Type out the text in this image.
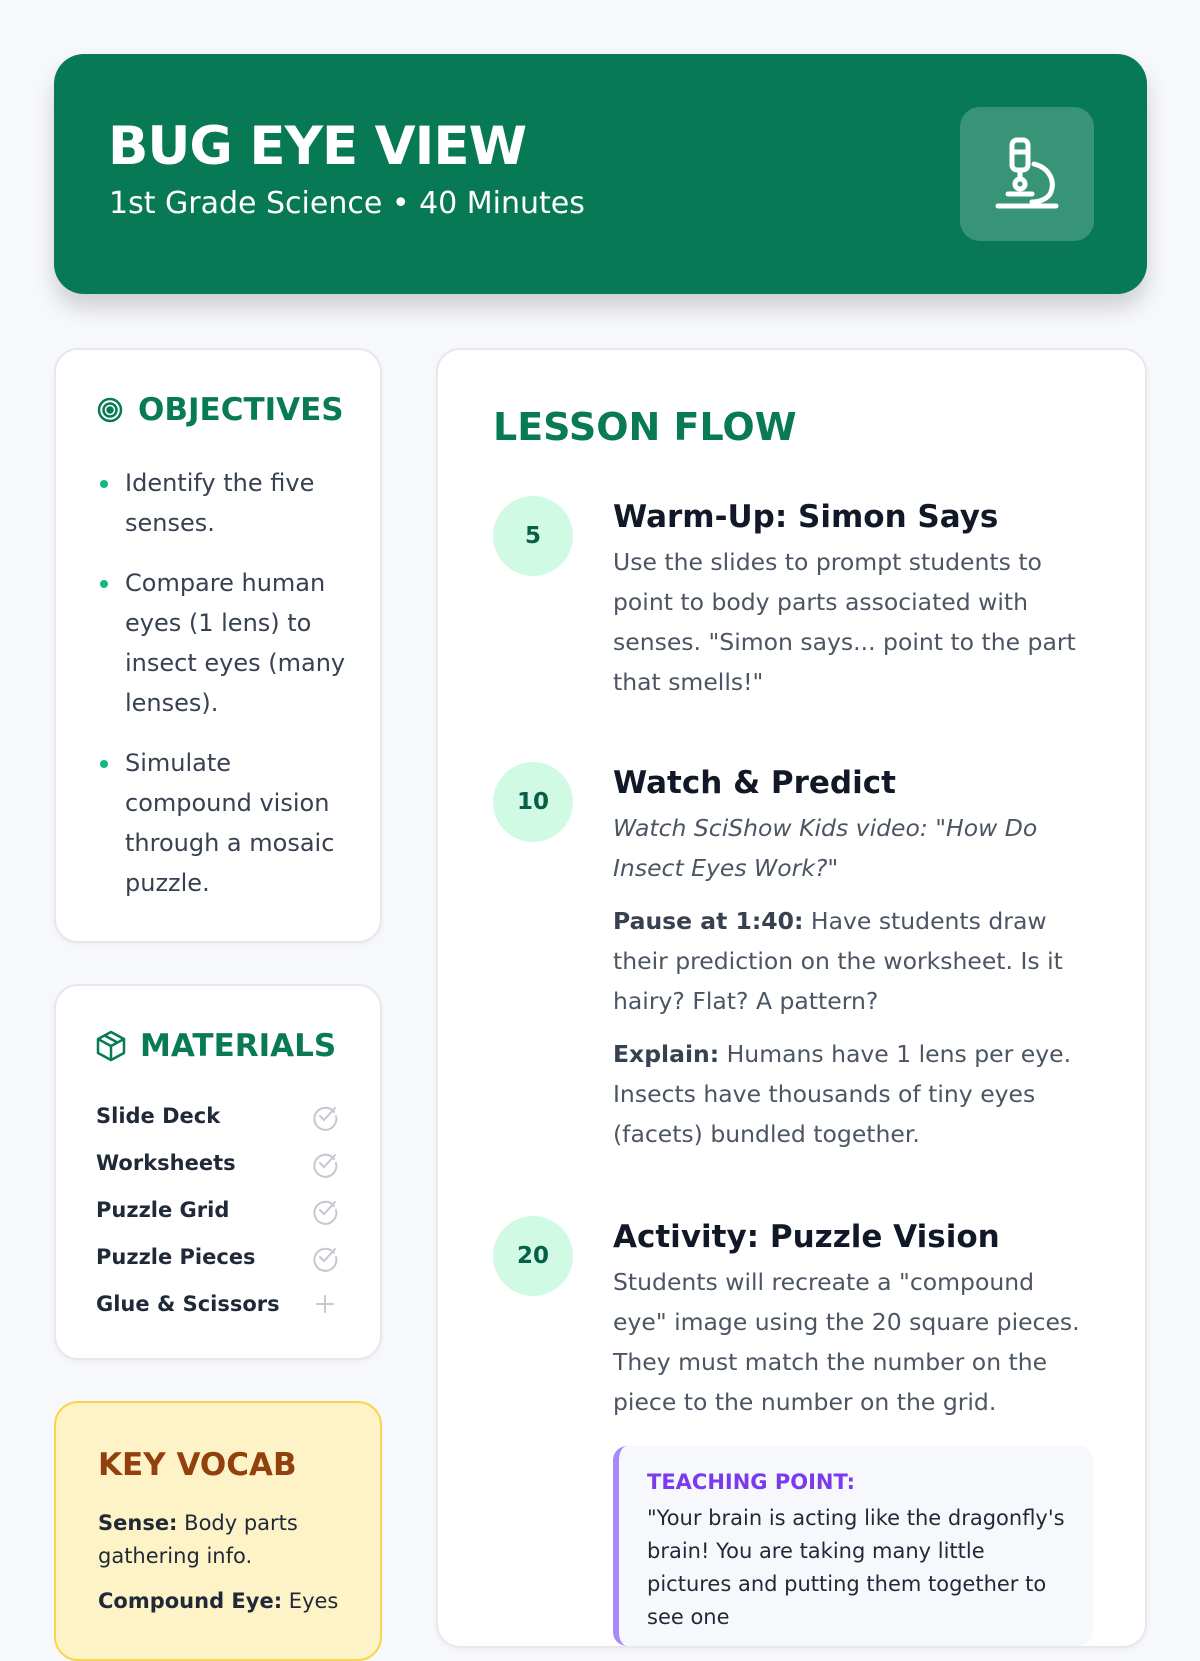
BUG EYE VIEW
1st Grade Science • 40 Minutes
OBJECTIVES
Identify the five senses.
Compare human eyes (1 lens) to insect eyes (many lenses).
Simulate compound vision through a mosaic puzzle.
MATERIALS
Slide Deck
Worksheets
Puzzle Grid
Puzzle Pieces
Glue & Scissors
KEY VOCAB
Sense: Body parts gathering info.
Compound Eye: Eyes
LESSON FLOW
5
Warm-Up: Simon Says
Use the slides to prompt students to point to body parts associated with senses. "Simon says... point to the part that smells!"
10
Watch & Predict
Watch SciShow Kids video: "How Do Insect Eyes Work?"
Pause at 1:40: Have students draw their prediction on the worksheet. Is it hairy? Flat? A pattern?
Explain: Humans have 1 lens per eye. Insects have thousands of tiny eyes (facets) bundled together.
20
Activity: Puzzle Vision
Students will recreate a "compound eye" image using the 20 square pieces. They must match the number on the piece to the number on the grid.
TEACHING POINT:
"Your brain is acting like the dragonfly's brain! You are taking many little pictures and putting them together to see one
